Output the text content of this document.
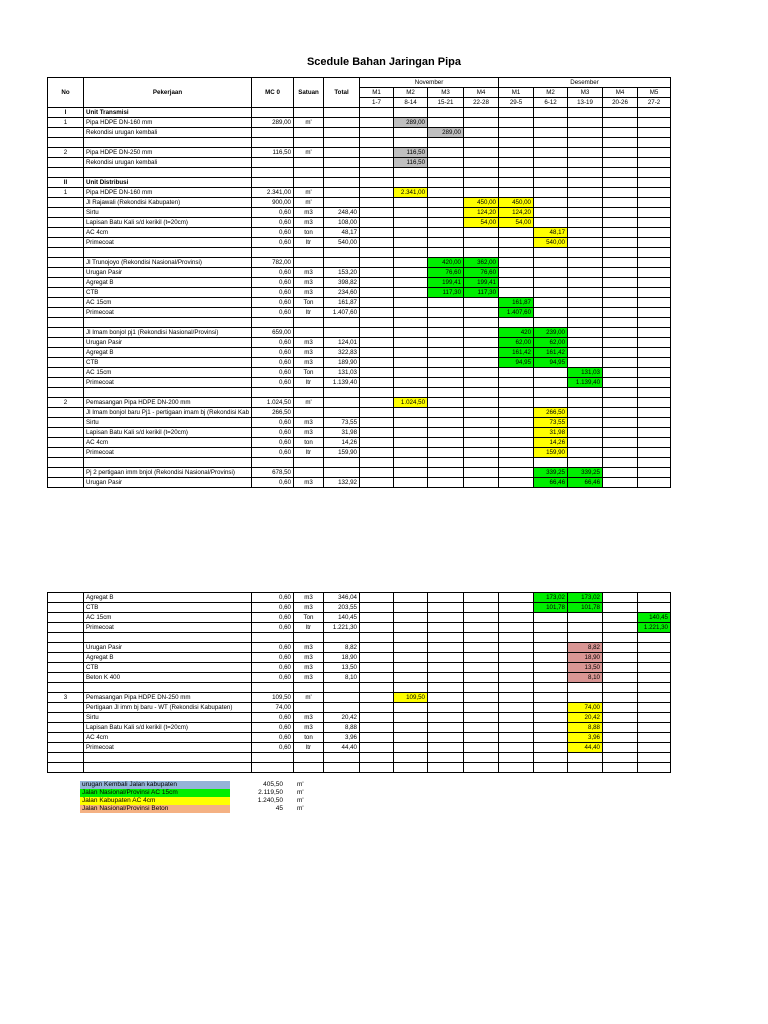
Scedule Bahan Jaringan Pipa
No	Pekerjaan	MC 0	Satuan	Total	November				Desember				
					M1	M2	M3	M4	M1	M2	M3	M4	M5
					1-7	8-14	15-21	22-28	29-5	6-12	13-19	20-26	27-2
I	Unit Transmisi												
1	Pipa HDPE DN-160 mm	289,00	m'			289,00							
	Rekondisi urugan kembali						289,00						

2	Pipa HDPE DN-250 mm	116,50	m'			116,50							
	Rekondisi urugan kembali					116,50							

II	Unit Distribusi												
1	Pipa HDPE DN-160 mm	2.341,00	m'			2.341,00							
	Jl Rajawali (Rekondisi Kabupaten)	900,00	m'					450,00	450,00				
	Sirtu	0,60	m3	248,40				124,20	124,20				
	Lapisan Batu Kali s/d kerikil (t=20cm)	0,60	m3	108,00				54,00	54,00				
	AC 4cm	0,60	ton	48,17						48,17			
	Primecoat	0,60	ltr	540,00						540,00			

	Jl Trunojoyo (Rekondisi Nasional/Provinsi)	782,00					420,00	362,00					
	Urugan Pasir	0,60	m3	153,20			76,60	76,60					
	Agregat B	0,60	m3	398,82			199,41	199,41					
	CTB	0,60	m3	234,60			117,30	117,30					
	AC 15cm	0,60	Ton	161,87					161,87				
	Primecoat	0,60	ltr	1.407,60					1.407,60				

	Jl Imam bonjol pj1 (Rekondisi Nasional/Provinsi)	659,00							420	239,00			
	Urugan Pasir	0,60	m3	124,01					62,00	62,00			
	Agregat B	0,60	m3	322,83					161,42	161,42			
	CTB	0,60	m3	189,90					94,95	94,95			
	AC 15cm	0,60	Ton	131,03							131,03		
	Primecoat	0,60	ltr	1.139,40							1.139,40		

2	Pemasangan Pipa HDPE DN-200 mm	1.024,50	m'			1.024,50							
	Jl Imam bonjol baru Pj1 - pertigaan imam bj (Rekondisi Kab	266,50								266,50			
	Sirtu	0,60	m3	73,55						73,55			
	Lapisan Batu Kali s/d kerikil (t=20cm)	0,60	m3	31,98						31,98			
	AC 4cm	0,60	ton	14,26						14,26			
	Primecoat	0,60	ltr	159,90						159,90			

	Pj 2 pertigaan imm bnjol (Rekondisi Nasional/Provinsi)	678,50								339,25	339,25		
	Urugan Pasir	0,60	m3	132,92						66,46	66,46		
	Agregat B	0,60	m3	346,04						173,02	173,02		
	CTB	0,60	m3	203,55						101,78	101,78		
	AC 15cm	0,60	Ton	140,45									140,45
	Primecoat	0,60	ltr	1.221,30									1.221,30

	Urugan Pasir	0,60	m3	8,82							8,82		
	Agregat B	0,60	m3	18,90							18,90		
	CTB	0,60	m3	13,50							13,50		
	Beton K 400	0,60	m3	8,10							8,10		

3	Pemasangan Pipa HDPE DN-250 mm	109,50	m'			109,50							
	Pertigaan Jl imm bj baru - WT (Rekondisi Kabupaten)	74,00									74,00		
	Sirtu	0,60	m3	20,42							20,42		
	Lapisan Batu Kali s/d kerikil (t=20cm)	0,60	m3	8,88							8,88		
	AC 4cm	0,60	ton	3,96							3,96		
	Primecoat	0,60	ltr	44,40							44,40		

urugan Kembali Jalan kabupaten	405,50	m'
Jalan Nasional/Provinsi AC 15cm	2.119,50	m'
Jalan Kabupaten AC 4cm	1.240,50	m'
Jalan Nasional/Provinsi Beton	45	m'
